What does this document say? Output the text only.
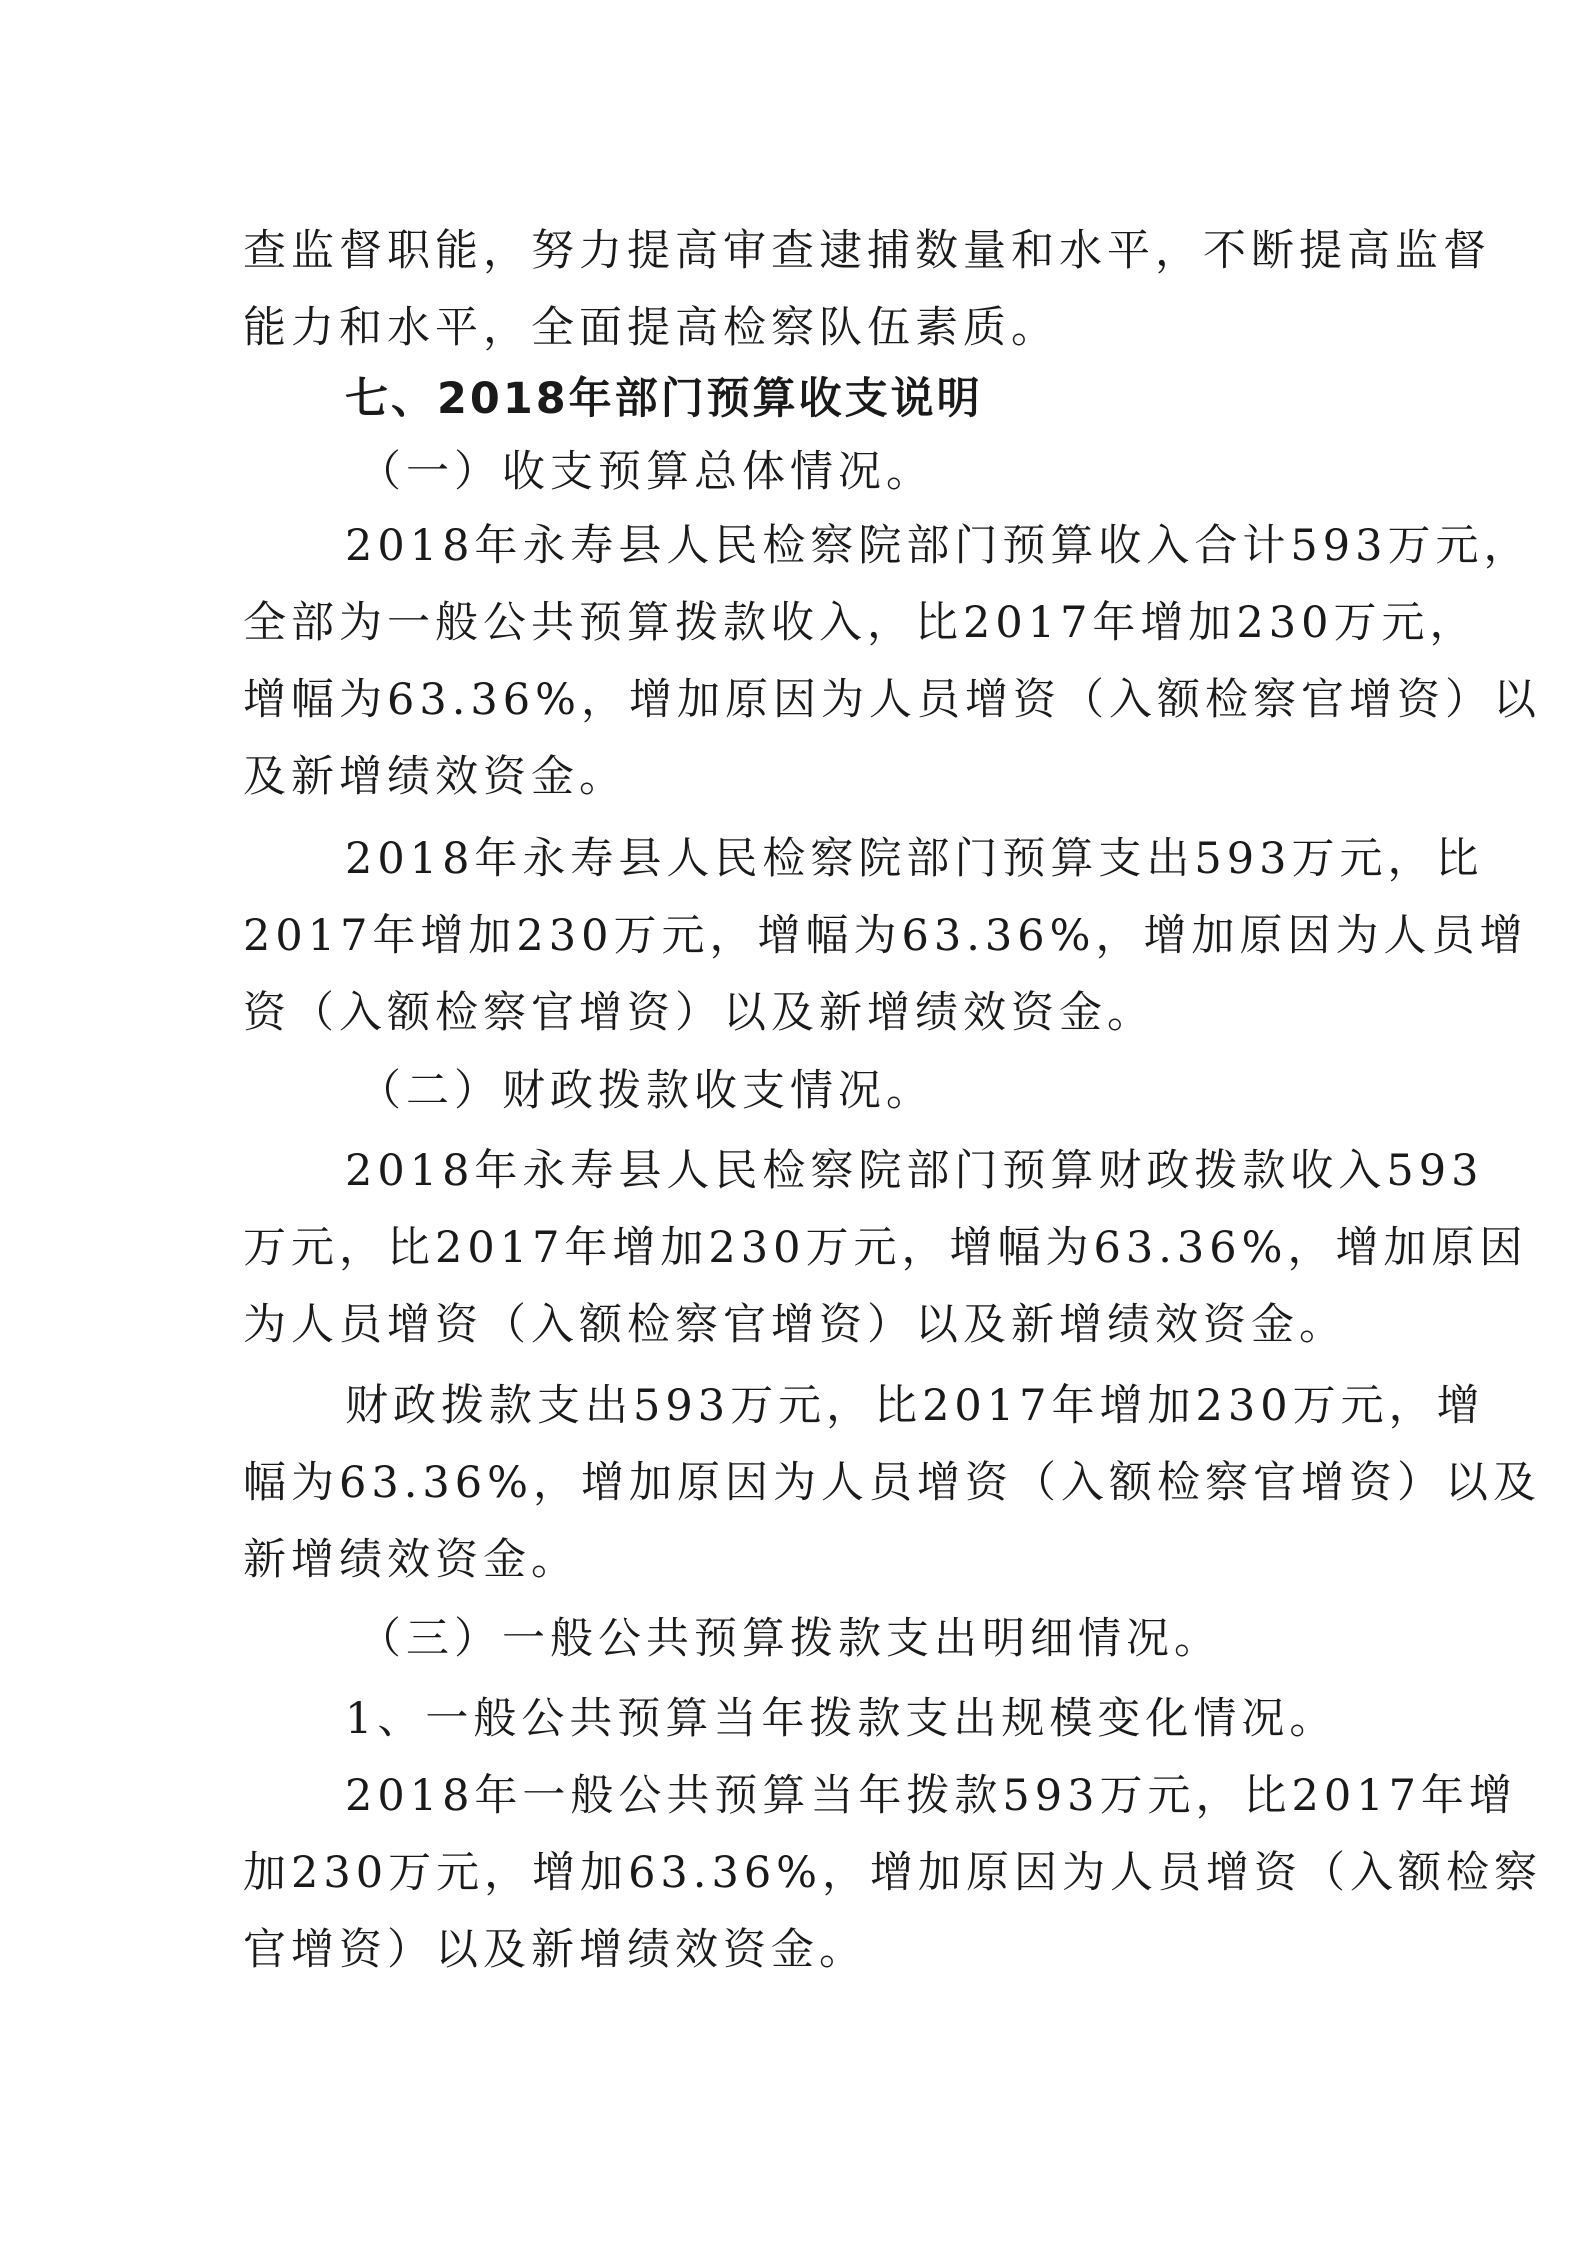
查监督职能，努力提高审查逮捕数量和水平，不断提高监督
能力和水平，全面提高检察队伍素质。
七、2018年部门预算收支说明
（一）收支预算总体情况。
2018年永寿县人民检察院部门预算收入合计593万元，
全部为一般公共预算拨款收入，比2017年增加230万元，
增幅为63.36%，增加原因为人员增资（入额检察官增资）以
及新增绩效资金。
2018年永寿县人民检察院部门预算支出593万元，比
2017年增加230万元，增幅为63.36%，增加原因为人员增
资（入额检察官增资）以及新增绩效资金。
（二）财政拨款收支情况。
2018年永寿县人民检察院部门预算财政拨款收入593
万元，比2017年增加230万元，增幅为63.36%，增加原因
为人员增资（入额检察官增资）以及新增绩效资金。
财政拨款支出593万元，比2017年增加230万元，增
幅为63.36%，增加原因为人员增资（入额检察官增资）以及
新增绩效资金。
（三）一般公共预算拨款支出明细情况。
1、一般公共预算当年拨款支出规模变化情况。
2018年一般公共预算当年拨款593万元，比2017年增
加230万元，增加63.36%，增加原因为人员增资（入额检察
官增资）以及新增绩效资金。
